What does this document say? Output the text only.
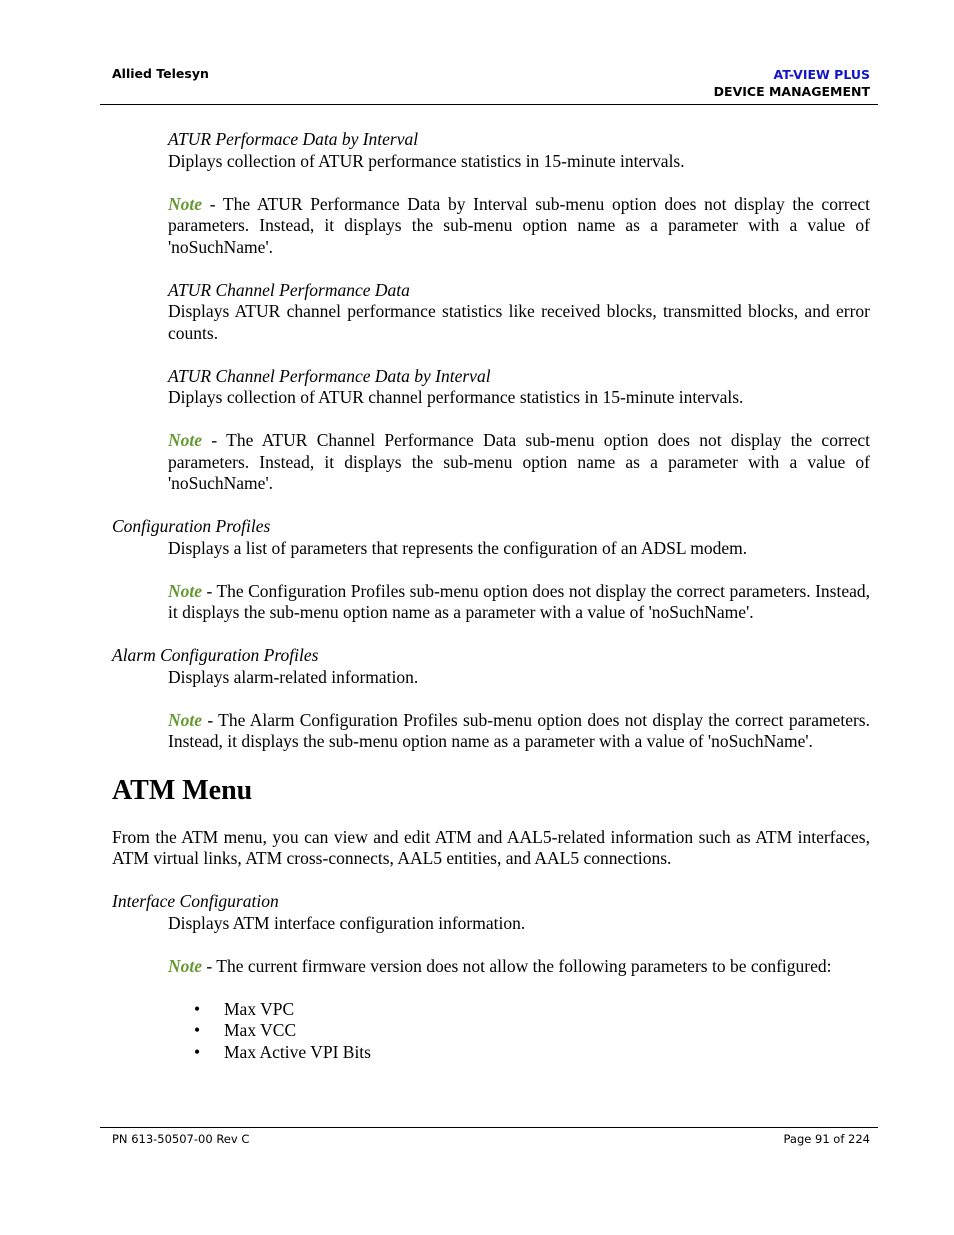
Allied Telesyn	AT-VIEW PLUS
DEVICE MANAGEMENT
ATUR Performace Data by Interval

Diplays collection of ATUR performance statistics in 15-minute intervals.

Note - The ATUR Performance Data by Interval sub-menu option does not display the correct parameters. Instead, it displays the sub-menu option name as a parameter with a value of 'noSuchName'.

ATUR Channel Performance Data

Displays ATUR channel performance statistics like received blocks, transmitted blocks, and error counts.

ATUR Channel Performance Data by Interval

Diplays collection of ATUR channel performance statistics in 15-minute intervals.

Note - The ATUR Channel Performance Data sub-menu option does not display the correct parameters. Instead, it displays the sub-menu option name as a parameter with a value of 'noSuchName'.

Configuration Profiles

Displays a list of parameters that represents the configuration of an ADSL modem.

Note - The Configuration Profiles sub-menu option does not display the correct parameters. Instead, it displays the sub-menu option name as a parameter with a value of 'noSuchName'.

Alarm Configuration Profiles

Displays alarm-related information.

Note - The Alarm Configuration Profiles sub-menu option does not display the correct parameters. Instead, it displays the sub-menu option name as a parameter with a value of 'noSuchName'.

ATM Menu

From the ATM menu, you can view and edit ATM and AAL5-related information such as ATM interfaces, ATM virtual links, ATM cross-connects, AAL5 entities, and AAL5 connections.

Interface Configuration

Displays ATM interface configuration information.

Note - The current firmware version does not allow the following parameters to be configured:

• Max VPC
• Max VCC
• Max Active VPI Bits
PN 613-50507-00 Rev C	Page 91 of 224
